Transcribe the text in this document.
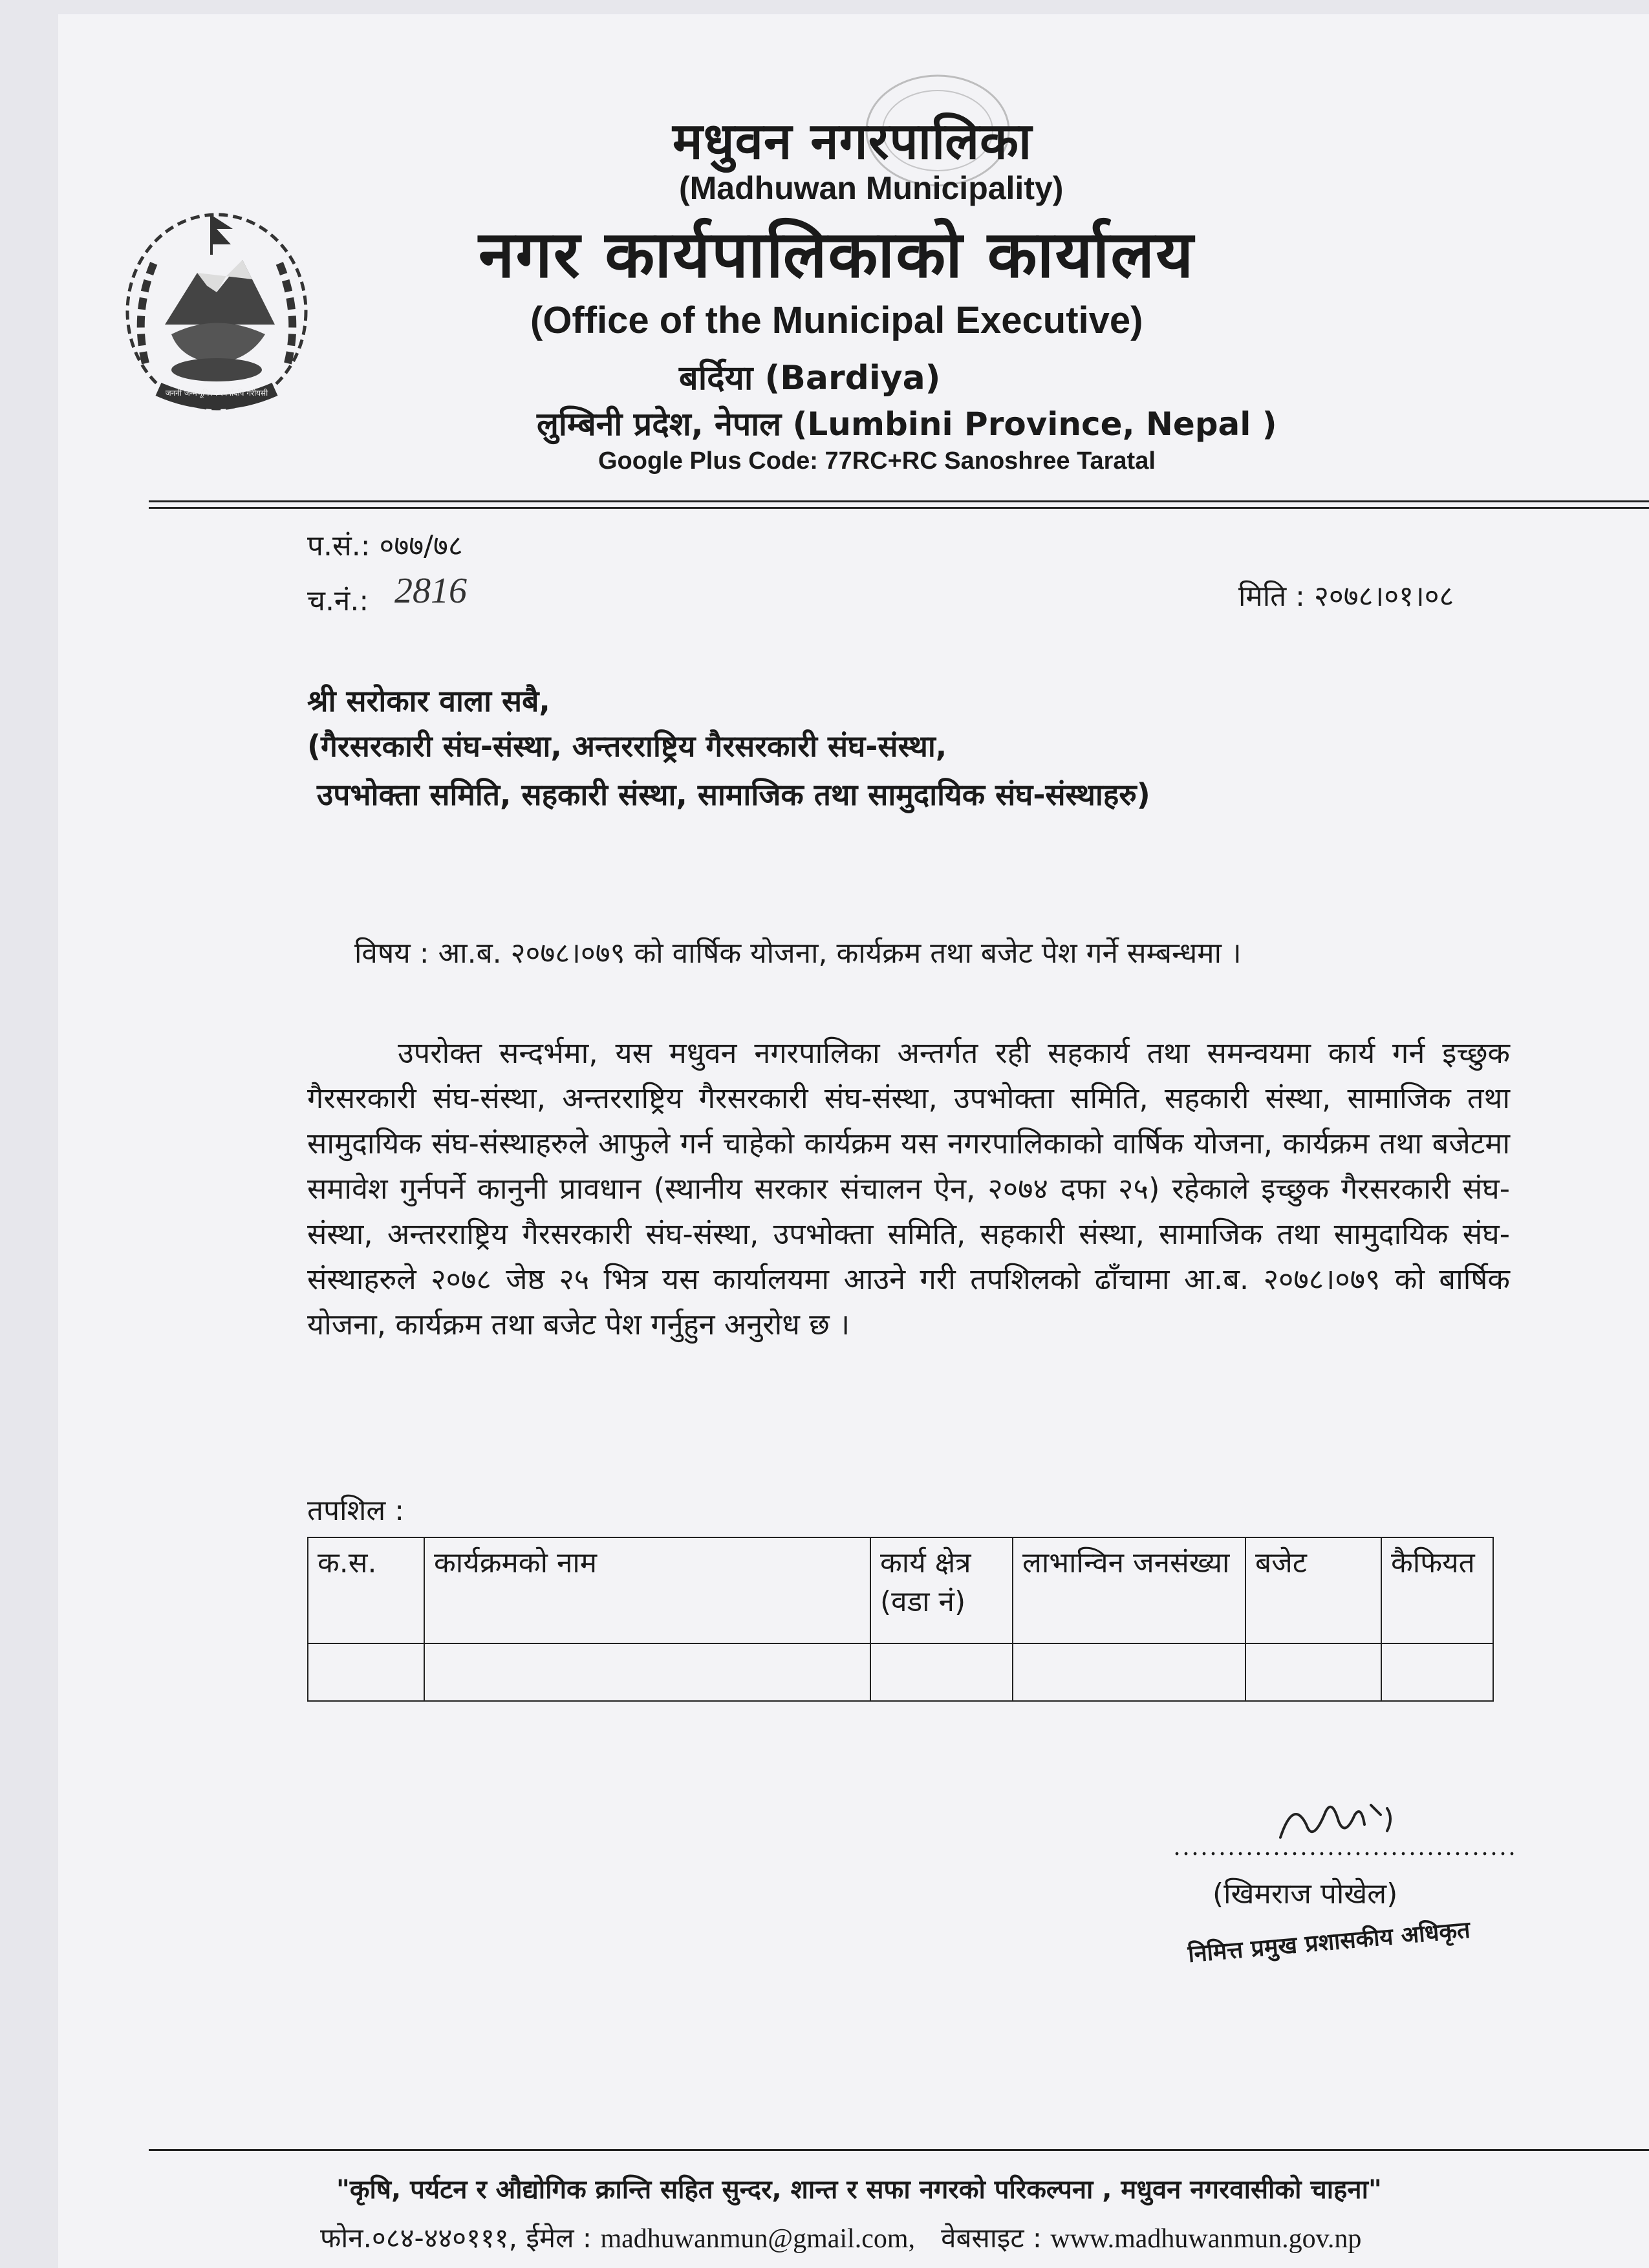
जननी जन्मभूमिश्च स्वर्गादपि गरीयसी
मधुवन नगरपालिका
(Madhuwan Municipality)
नगर कार्यपालिकाको कार्यालय
(Office of the Municipal Executive)
बर्दिया (Bardiya)
लुम्बिनी प्रदेश, नेपाल (Lumbini Province, Nepal )
Google Plus Code: 77RC+RC Sanoshree Taratal
प.सं.: ०७७/७८
च.नं.: 2816	मिति : २०७८।०१।०८
श्री सरोकार वाला सबै,
(गैरसरकारी संघ-संस्था, अन्तरराष्ट्रिय गैरसरकारी संघ-संस्था,
उपभोक्ता समिति, सहकारी संस्था, सामाजिक तथा सामुदायिक संघ-संस्थाहरु)
विषय : आ.ब. २०७८।०७९ को वार्षिक योजना, कार्यक्रम तथा बजेट पेश गर्ने सम्बन्धमा ।
उपरोक्त सन्दर्भमा, यस मधुवन नगरपालिका अन्तर्गत रही सहकार्य तथा समन्वयमा कार्य गर्न इच्छुक गैरसरकारी संघ-संस्था, अन्तरराष्ट्रिय गैरसरकारी संघ-संस्था, उपभोक्ता समिति, सहकारी संस्था, सामाजिक तथा सामुदायिक संघ-संस्थाहरुले आफुले गर्न चाहेको कार्यक्रम यस नगरपालिकाको वार्षिक योजना, कार्यक्रम तथा बजेटमा समावेश गुर्नपर्ने कानुनी प्रावधान (स्थानीय सरकार संचालन ऐन, २०७४ दफा २५) रहेकाले इच्छुक गैरसरकारी संघ-संस्था, अन्तरराष्ट्रिय गैरसरकारी संघ-संस्था, उपभोक्ता समिति, सहकारी संस्था, सामाजिक तथा सामुदायिक संघ-संस्थाहरुले २०७८ जेष्ठ २५ भित्र यस कार्यालयमा आउने गरी तपशिलको ढाँचामा आ.ब. २०७८।०७९ को बार्षिक योजना, कार्यक्रम तथा बजेट पेश गर्नुहुन अनुरोध छ ।
तपशिल :
क.स.	कार्यक्रमको नाम	कार्य क्षेत्र (वडा नं)	लाभान्विन जनसंख्या	बजेट	कैफियत

......................................
(खिमराज पोखेल)
निमित्त प्रमुख प्रशासकीय अधिकृत
"कृषि, पर्यटन र औद्योगिक क्रान्ति सहित सुन्दर, शान्त र सफा नगरको परिकल्पना , मधुवन नगरवासीको चाहना"
फोन.०८४-४४०१११, ईमेल : madhuwanmun@gmail.com, वेबसाइट : www.madhuwanmun.gov.np
